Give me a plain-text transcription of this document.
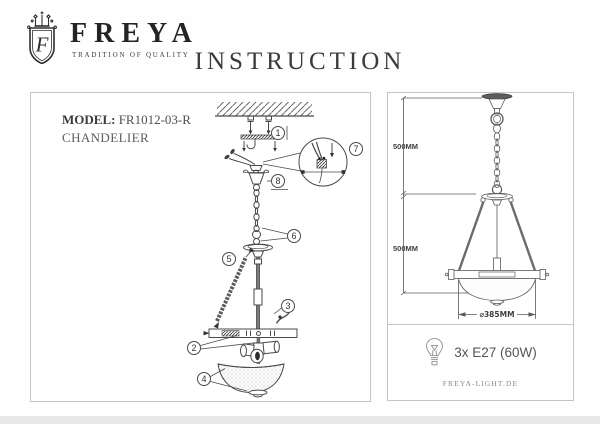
F FREYA
TRADITION OF QUALITY INSTRUCTION
MODEL: FR1012-03-R
CHANDELIER	1
7
8
6
5
3
2
4
500MM
500MM
⌀385MM
3x E27 (60W)
FREYA-LIGHT.DE
